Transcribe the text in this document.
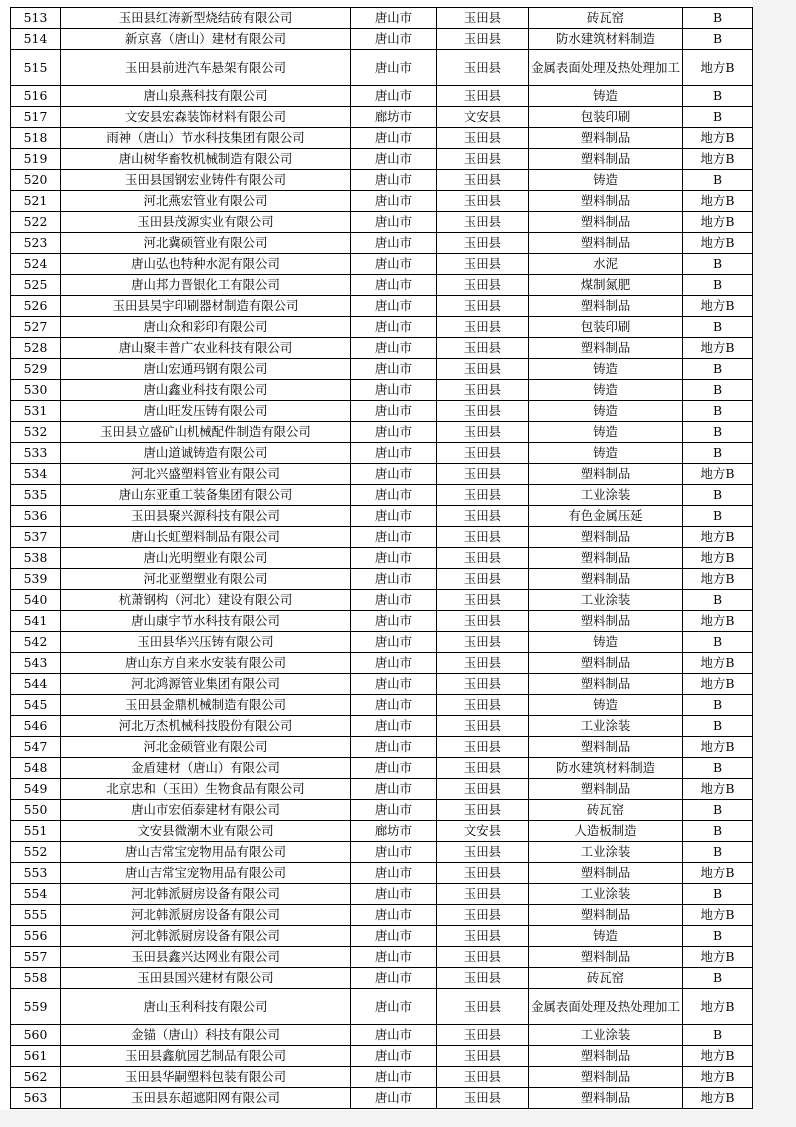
513	玉田县红涛新型烧结砖有限公司	唐山市	玉田县	砖瓦窑	B
514	新京喜（唐山）建材有限公司	唐山市	玉田县	防水建筑材料制造	B
515	玉田县前进汽车悬架有限公司	唐山市	玉田县	金属表面处理及热处理加工	地方B
516	唐山泉燕科技有限公司	唐山市	玉田县	铸造	B
517	文安县宏森装饰材料有限公司	廊坊市	文安县	包装印刷	B
518	雨神（唐山）节水科技集团有限公司	唐山市	玉田县	塑料制品	地方B
519	唐山树华畜牧机械制造有限公司	唐山市	玉田县	塑料制品	地方B
520	玉田县国钢宏业铸件有限公司	唐山市	玉田县	铸造	B
521	河北燕宏管业有限公司	唐山市	玉田县	塑料制品	地方B
522	玉田县茂源实业有限公司	唐山市	玉田县	塑料制品	地方B
523	河北冀硕管业有限公司	唐山市	玉田县	塑料制品	地方B
524	唐山弘也特种水泥有限公司	唐山市	玉田县	水泥	B
525	唐山邦力晋银化工有限公司	唐山市	玉田县	煤制氮肥	B
526	玉田县昊宇印刷器材制造有限公司	唐山市	玉田县	塑料制品	地方B
527	唐山众和彩印有限公司	唐山市	玉田县	包装印刷	B
528	唐山聚丰普广农业科技有限公司	唐山市	玉田县	塑料制品	地方B
529	唐山宏通玛钢有限公司	唐山市	玉田县	铸造	B
530	唐山鑫业科技有限公司	唐山市	玉田县	铸造	B
531	唐山旺发压铸有限公司	唐山市	玉田县	铸造	B
532	玉田县立盛矿山机械配件制造有限公司	唐山市	玉田县	铸造	B
533	唐山道诚铸造有限公司	唐山市	玉田县	铸造	B
534	河北兴盛塑料管业有限公司	唐山市	玉田县	塑料制品	地方B
535	唐山东亚重工装备集团有限公司	唐山市	玉田县	工业涂装	B
536	玉田县聚兴源科技有限公司	唐山市	玉田县	有色金属压延	B
537	唐山长虹塑料制品有限公司	唐山市	玉田县	塑料制品	地方B
538	唐山光明塑业有限公司	唐山市	玉田县	塑料制品	地方B
539	河北亚塑塑业有限公司	唐山市	玉田县	塑料制品	地方B
540	杭萧钢构（河北）建设有限公司	唐山市	玉田县	工业涂装	B
541	唐山康宇节水科技有限公司	唐山市	玉田县	塑料制品	地方B
542	玉田县华兴压铸有限公司	唐山市	玉田县	铸造	B
543	唐山东方自来水安装有限公司	唐山市	玉田县	塑料制品	地方B
544	河北鸿源管业集团有限公司	唐山市	玉田县	塑料制品	地方B
545	玉田县金鼎机械制造有限公司	唐山市	玉田县	铸造	B
546	河北万杰机械科技股份有限公司	唐山市	玉田县	工业涂装	B
547	河北金硕管业有限公司	唐山市	玉田县	塑料制品	地方B
548	金盾建材（唐山）有限公司	唐山市	玉田县	防水建筑材料制造	B
549	北京忠和（玉田）生物食品有限公司	唐山市	玉田县	塑料制品	地方B
550	唐山市宏佰泰建材有限公司	唐山市	玉田县	砖瓦窑	B
551	文安县微潮木业有限公司	廊坊市	文安县	人造板制造	B
552	唐山吉常宝宠物用品有限公司	唐山市	玉田县	工业涂装	B
553	唐山吉常宝宠物用品有限公司	唐山市	玉田县	塑料制品	地方B
554	河北韩派厨房设备有限公司	唐山市	玉田县	工业涂装	B
555	河北韩派厨房设备有限公司	唐山市	玉田县	塑料制品	地方B
556	河北韩派厨房设备有限公司	唐山市	玉田县	铸造	B
557	玉田县鑫兴达网业有限公司	唐山市	玉田县	塑料制品	地方B
558	玉田县国兴建材有限公司	唐山市	玉田县	砖瓦窑	B
559	唐山玉利科技有限公司	唐山市	玉田县	金属表面处理及热处理加工	地方B
560	金锚（唐山）科技有限公司	唐山市	玉田县	工业涂装	B
561	玉田县鑫航园艺制品有限公司	唐山市	玉田县	塑料制品	地方B
562	玉田县华嗣塑料包装有限公司	唐山市	玉田县	塑料制品	地方B
563	玉田县东超遮阳网有限公司	唐山市	玉田县	塑料制品	地方B
